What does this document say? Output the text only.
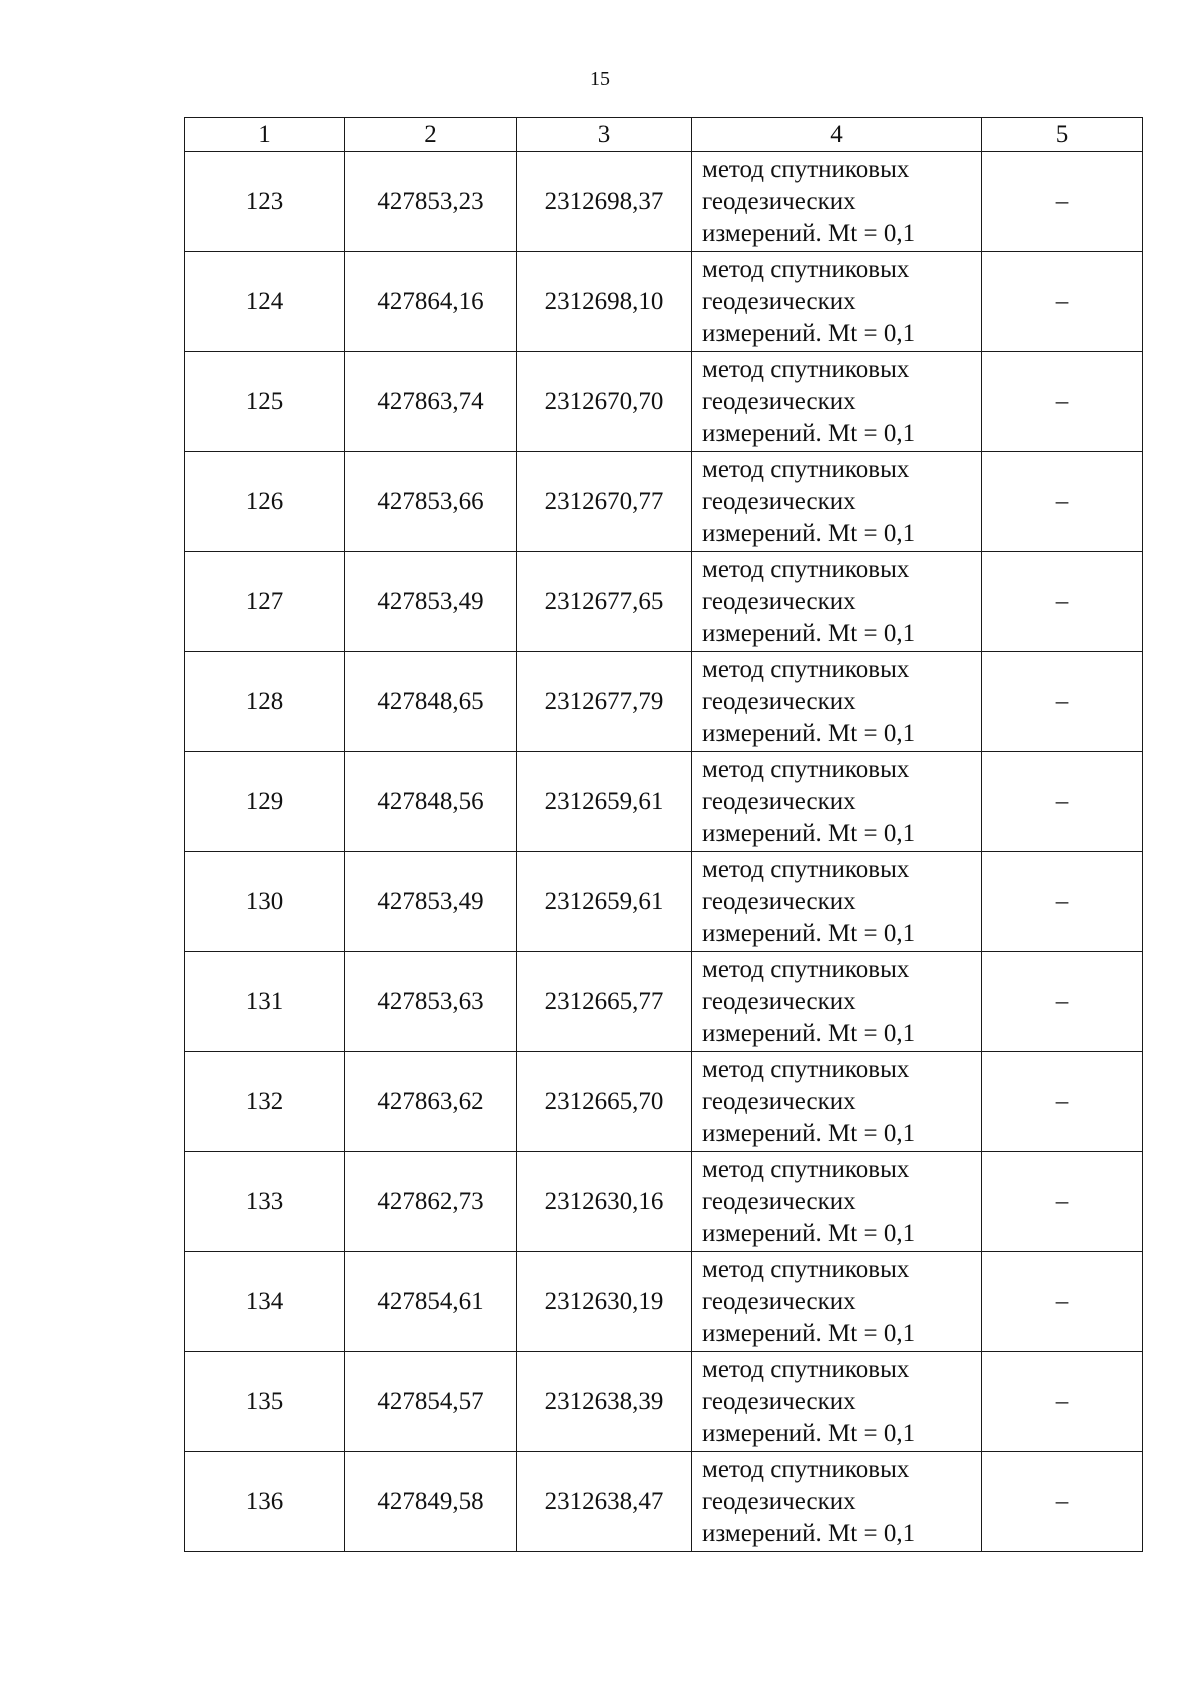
15
1	2	3	4	5
123	427853,23	2312698,37	метод спутниковых
геодезических
измерений. Mt = 0,1	–
124	427864,16	2312698,10	метод спутниковых
геодезических
измерений. Mt = 0,1	–
125	427863,74	2312670,70	метод спутниковых
геодезических
измерений. Mt = 0,1	–
126	427853,66	2312670,77	метод спутниковых
геодезических
измерений. Mt = 0,1	–
127	427853,49	2312677,65	метод спутниковых
геодезических
измерений. Mt = 0,1	–
128	427848,65	2312677,79	метод спутниковых
геодезических
измерений. Mt = 0,1	–
129	427848,56	2312659,61	метод спутниковых
геодезических
измерений. Mt = 0,1	–
130	427853,49	2312659,61	метод спутниковых
геодезических
измерений. Mt = 0,1	–
131	427853,63	2312665,77	метод спутниковых
геодезических
измерений. Mt = 0,1	–
132	427863,62	2312665,70	метод спутниковых
геодезических
измерений. Mt = 0,1	–
133	427862,73	2312630,16	метод спутниковых
геодезических
измерений. Mt = 0,1	–
134	427854,61	2312630,19	метод спутниковых
геодезических
измерений. Mt = 0,1	–
135	427854,57	2312638,39	метод спутниковых
геодезических
измерений. Mt = 0,1	–
136	427849,58	2312638,47	метод спутниковых
геодезических
измерений. Mt = 0,1	–
